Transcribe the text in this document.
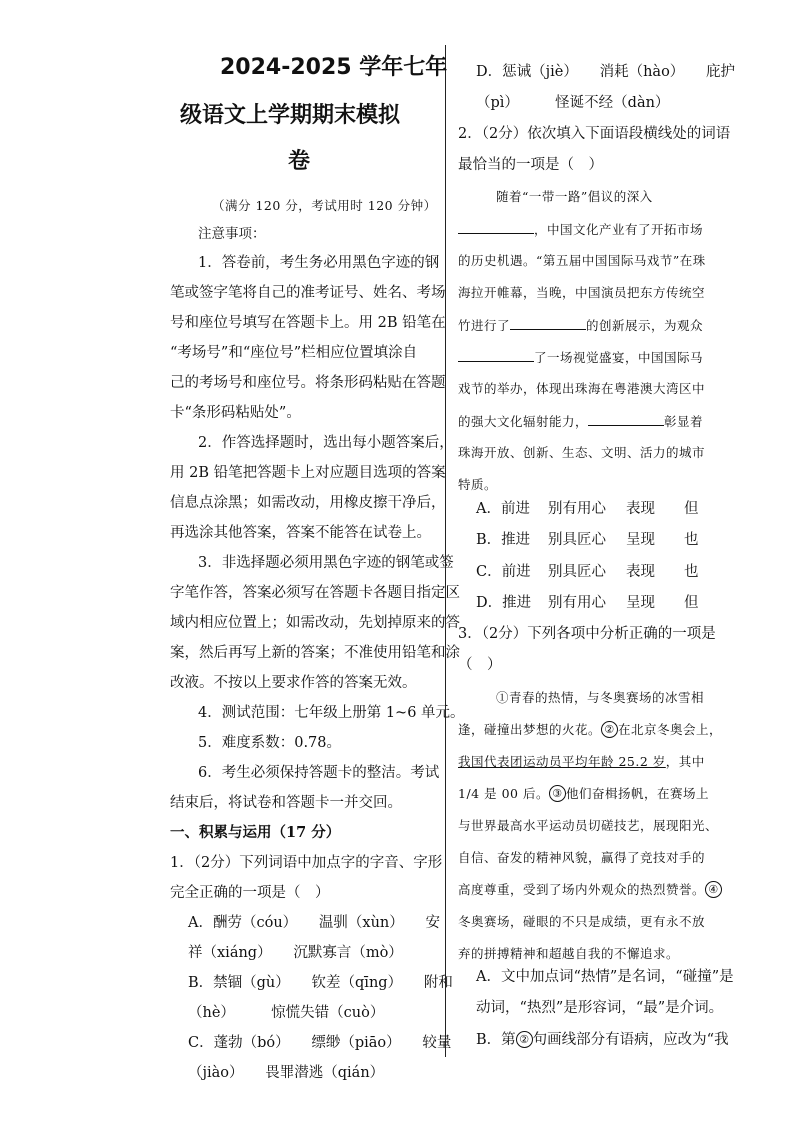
2024-2025 学年七年
级语文上学期期末模拟
卷
（满分 120 分，考试用时 120 分钟）
注意事项：
1．答卷前，考生务必用黑色字迹的钢
笔或签字笔将自己的准考证号、姓名、考场
号和座位号填写在答题卡上。用 2B 铅笔在
“考场号”和“座位号”栏相应位置填涂自
己的考场号和座位号。将条形码粘贴在答题
卡“条形码粘贴处”。
2．作答选择题时，选出每小题答案后，
用 2B 铅笔把答题卡上对应题目选项的答案
信息点涂黑；如需改动，用橡皮擦干净后，
再选涂其他答案，答案不能答在试卷上。
3．非选择题必须用黑色字迹的钢笔或签
字笔作答，答案必须写在答题卡各题目指定区
域内相应位置上；如需改动，先划掉原来的答
案，然后再写上新的答案；不准使用铅笔和涂
改液。不按以上要求作答的答案无效。
4．测试范围：七年级上册第 1~6 单元。
5．难度系数：0.78。
6．考生必须保持答题卡的整洁。考试
结束后，将试卷和答题卡一并交回。
一、积累与运用（17 分）
1．（2分）下列词语中加点字的字音、字形
完全正确的一项是（　）
A．酬劳（cóu）　　温驯（xùn）　　安
祥（xiáng）　　沉默寡言（mò）
B．禁锢（gù）　　钦差（qīng）　　附和
（hè）　　　惊慌失错（cuò）
C．蓬勃（bó）　　缥缈（piāo）　　较量
（jiào）　　畏罪潜逃（qián）
D．惩诫（jiè）　　消耗（hào）　　庇护
（pì）　　　怪诞不经（dàn）
2．（2分）依次填入下面语段横线处的词语
最恰当的一项是（　）
随着“一带一路”倡议的深入
，中国文化产业有了开拓市场
的历史机遇。“第五届中国国际马戏节”在珠
海拉开帷幕，当晚，中国演员把东方传统空
竹进行了	的创新展示，为观众
了一场视觉盛宴，中国国际马
戏节的举办，体现出珠海在粤港澳大湾区中
的强大文化辐射能力，	彰显着
珠海开放、创新、生态、文明、活力的城市
特质。
A．前进 别有用心 表现 但
B．推进 别具匠心 呈现 也
C．前进 别具匠心 表现 也
D．推进 别有用心 呈现 但
3．（2分）下列各项中分析正确的一项是
（　）
①青春的热情，与冬奥赛场的冰雪相
逢，碰撞出梦想的火花。 ② 在北京冬奥会上，
我国代表团运动员平均年龄 25.2 岁，其中
1/4 是 00 后。 ③ 他们奋楫扬帆，在赛场上
与世界最高水平运动员切磋技艺，展现阳光、
自信、奋发的精神风貌，赢得了竞技对手的
高度尊重，受到了场内外观众的热烈赞誉。 ④
冬奥赛场，碰眼的不只是成绩，更有永不放
弃的拼搏精神和超越自我的不懈追求。
A．文中加点词“热情”是名词，“碰撞”是
动词，“热烈”是形容词，“最”是介词。
B．第 ② 句画线部分有语病，应改为“我
